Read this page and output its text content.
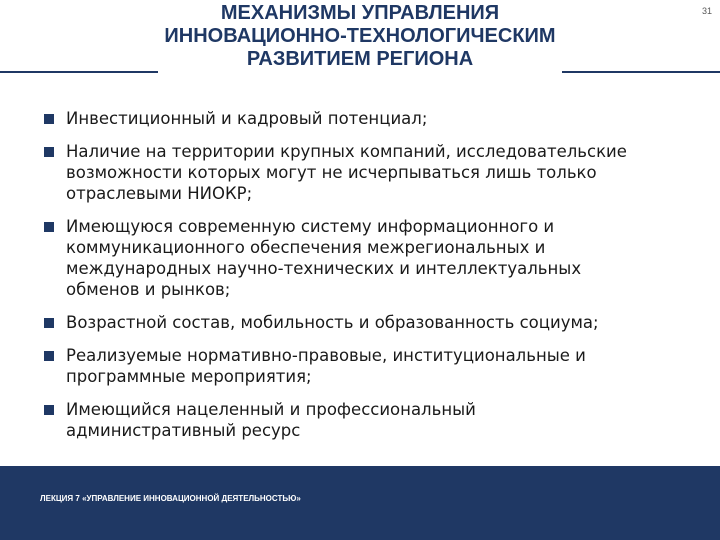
МЕХАНИЗМЫ УПРАВЛЕНИЯ
ИННОВАЦИОННО-ТЕХНОЛОГИЧЕСКИМ
РАЗВИТИЕМ РЕГИОНА
31
Инвестиционный и кадровый потенциал;
Наличие на территории крупных компаний, исследовательские
возможности которых могут не исчерпываться лишь только
отраслевыми НИОКР;
Имеющуюся современную систему информационного и
коммуникационного обеспечения межрегиональных и
международных научно-технических и интеллектуальных
обменов и рынков;
Возрастной состав, мобильность и образованность социума;
Реализуемые нормативно-правовые, институциональные и
программные мероприятия;
Имеющийся нацеленный и профессиональный
административный ресурс
ЛЕКЦИЯ 7 «УПРАВЛЕНИЕ ИННОВАЦИОННОЙ ДЕЯТЕЛЬНОСТЬЮ»
